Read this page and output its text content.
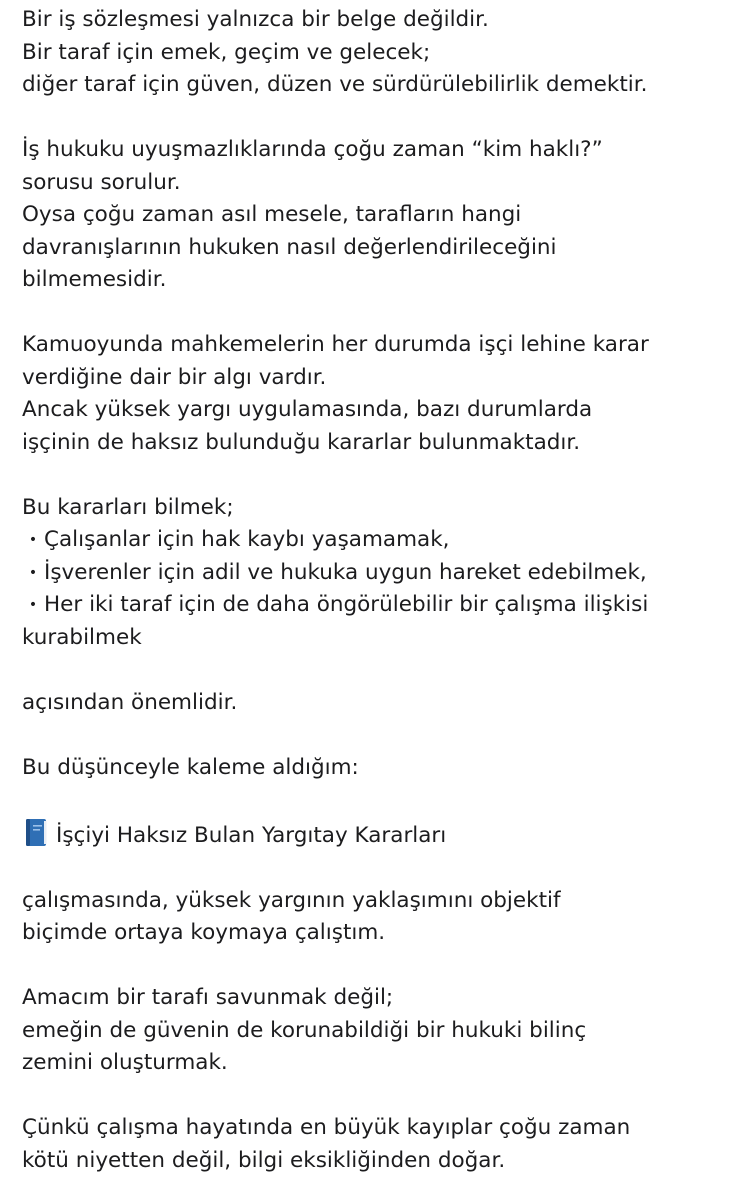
Bir iş sözleşmesi yalnızca bir belge değildir.
Bir taraf için emek, geçim ve gelecek;
diğer taraf için güven, düzen ve sürdürülebilirlik demektir.
İş hukuku uyuşmazlıklarında çoğu zaman “kim haklı?”
sorusu sorulur.
Oysa çoğu zaman asıl mesele, tarafların hangi
davranışlarının hukuken nasıl değerlendirileceğini
bilmemesidir.
Kamuoyunda mahkemelerin her durumda işçi lehine karar
verdiğine dair bir algı vardır.
Ancak yüksek yargı uygulamasında, bazı durumlarda
işçinin de haksız bulunduğu kararlar bulunmaktadır.
Bu kararları bilmek;
• Çalışanlar için hak kaybı yaşamamak,
• İşverenler için adil ve hukuka uygun hareket edebilmek,
• Her iki taraf için de daha öngörülebilir bir çalışma ilişkisi
kurabilmek
açısından önemlidir.
Bu düşünceyle kaleme aldığım:
İşçiyi Haksız Bulan Yargıtay Kararları
çalışmasında, yüksek yargının yaklaşımını objektif
biçimde ortaya koymaya çalıştım.
Amacım bir tarafı savunmak değil;
emeğin de güvenin de korunabildiği bir hukuki bilinç
zemini oluşturmak.
Çünkü çalışma hayatında en büyük kayıplar çoğu zaman
kötü niyetten değil, bilgi eksikliğinden doğar.
